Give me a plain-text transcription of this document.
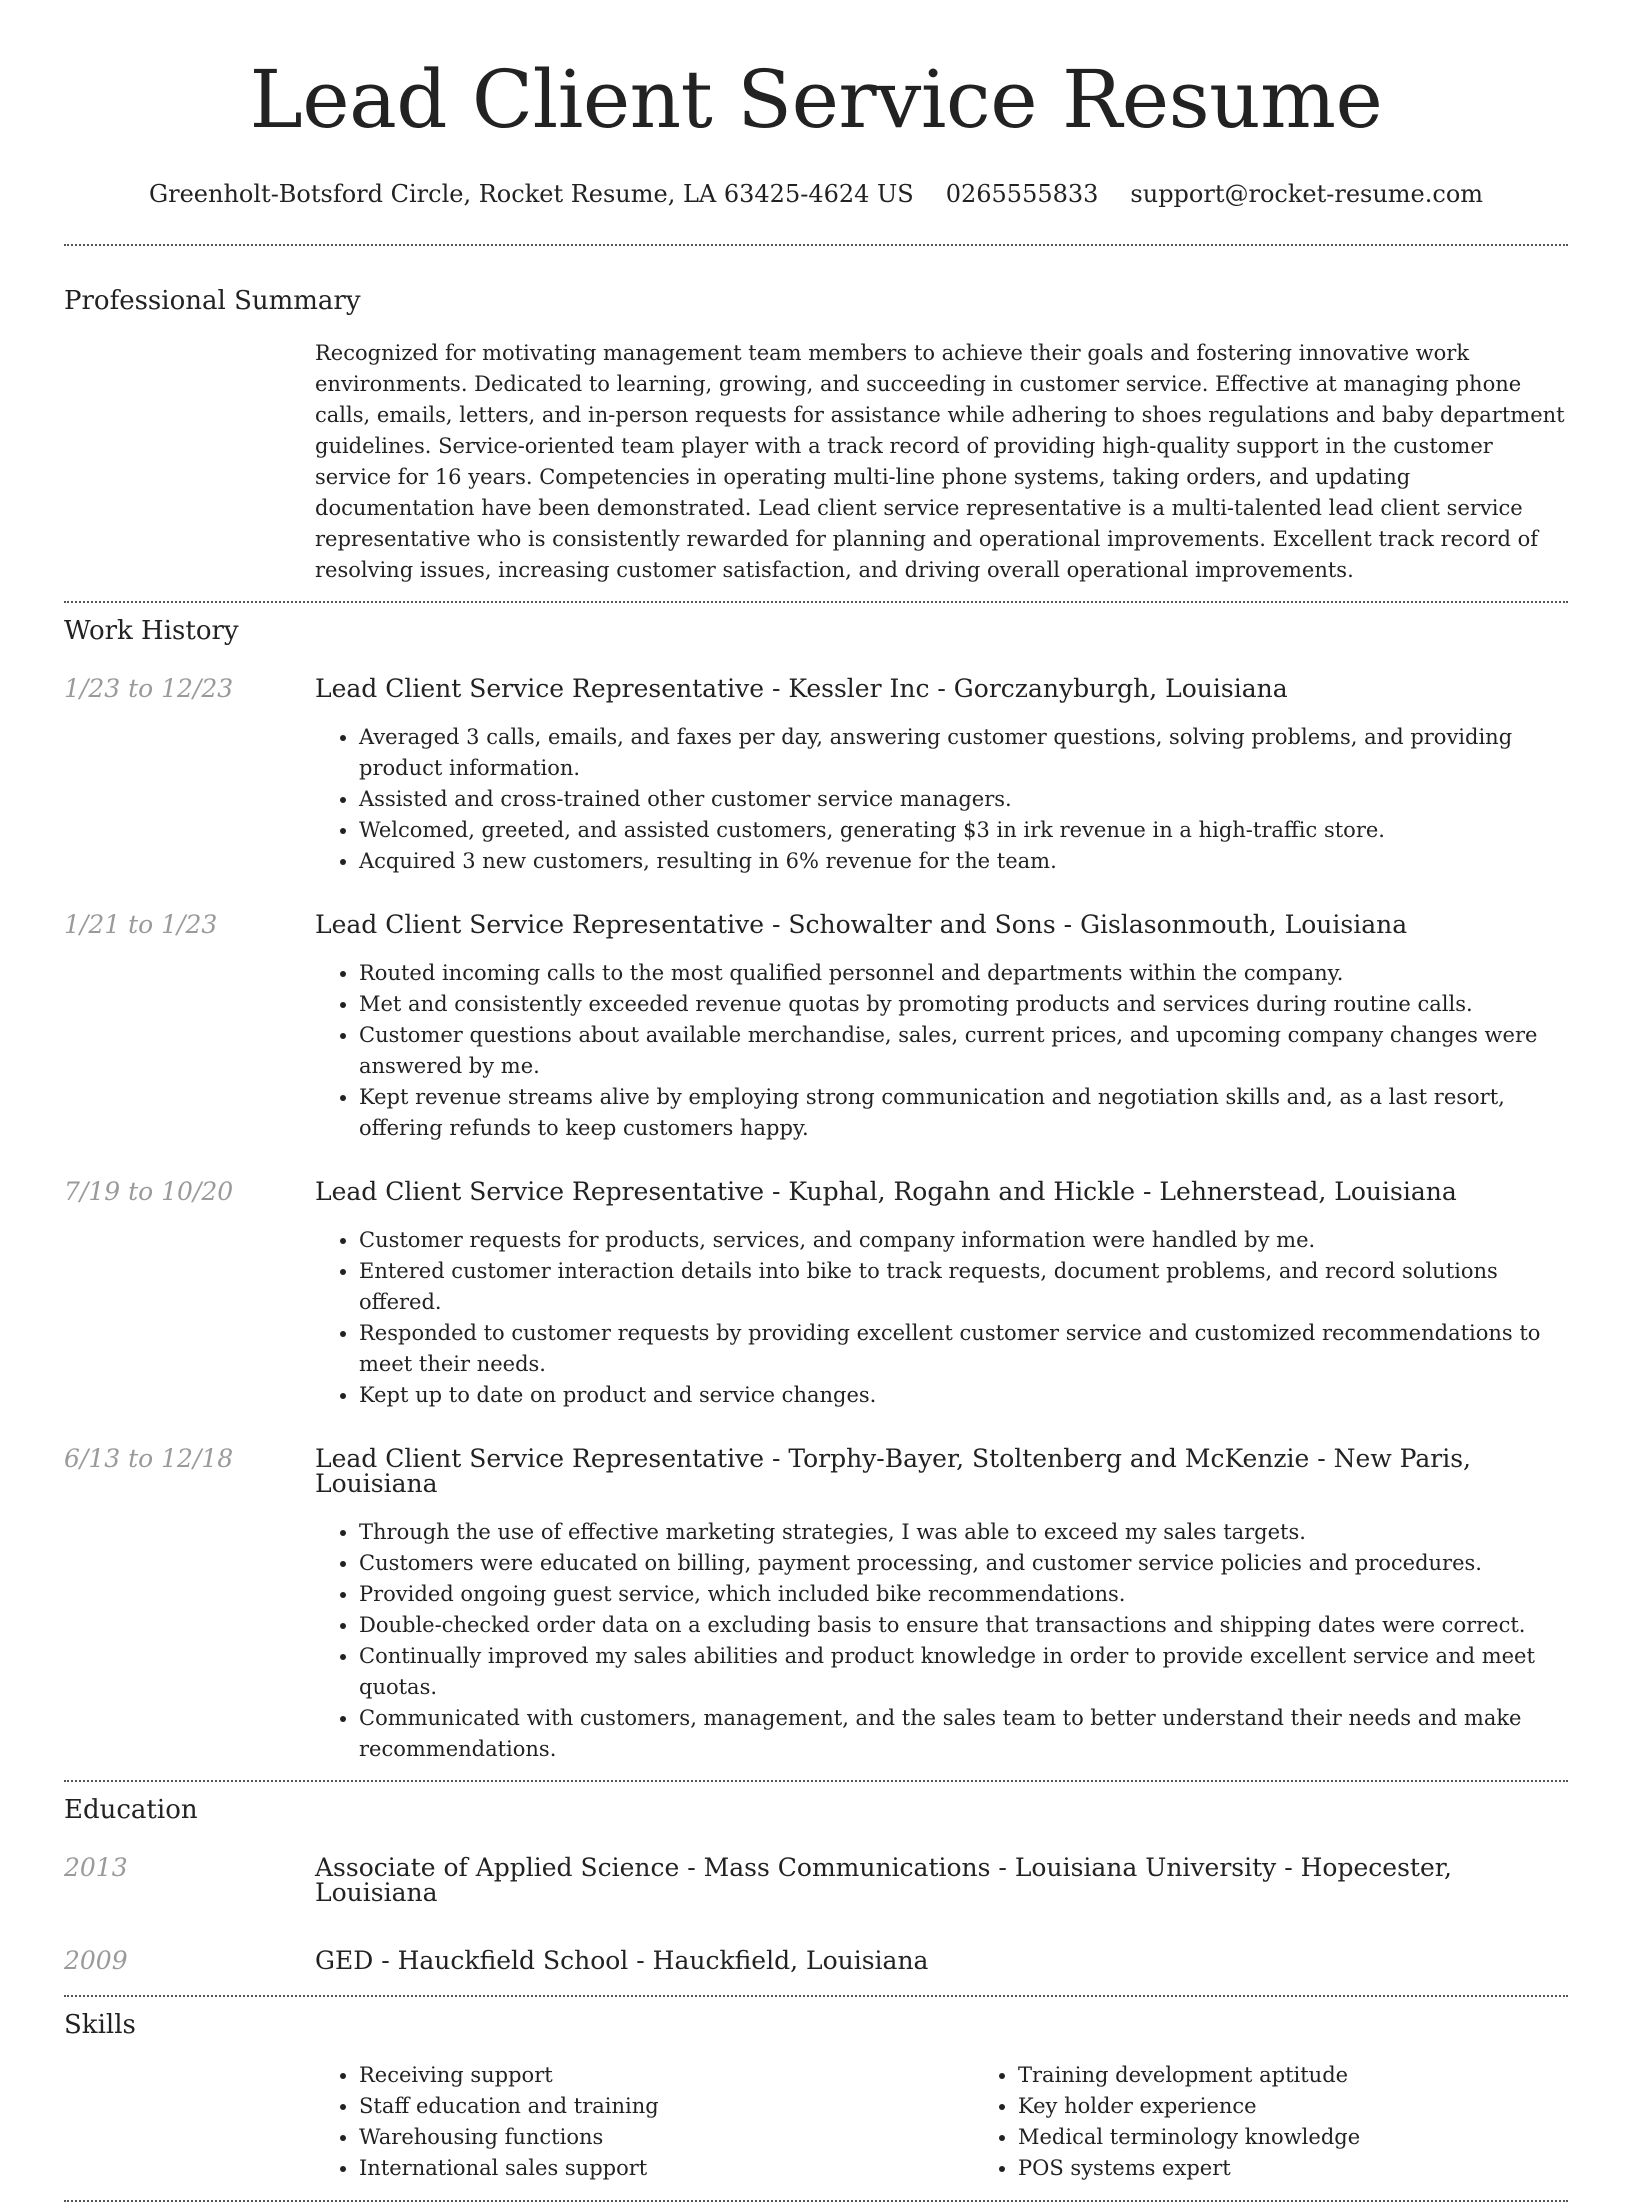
Lead Client Service Resume
Greenholt-Botsford Circle, Rocket Resume, LA 63425-4624 US 0265555833 support@rocket-resume.com
Professional Summary
Recognized for motivating management team members to achieve their goals and fostering innovative work environments. Dedicated to learning, growing, and succeeding in customer service. Effective at managing phone calls, emails, letters, and in-person requests for assistance while adhering to shoes regulations and baby department guidelines. Service-oriented team player with a track record of providing high-quality support in the customer service for 16 years. Competencies in operating multi-line phone systems, taking orders, and updating documentation have been demonstrated. Lead client service representative is a multi-talented lead client service representative who is consistently rewarded for planning and operational improvements. Excellent track record of resolving issues, increasing customer satisfaction, and driving overall operational improvements.
Work History
1/23 to 12/23	Lead Client Service Representative - Kessler Inc - Gorczanyburgh, Louisiana
• Averaged 3 calls, emails, and faxes per day, answering customer questions, solving problems, and providing product information.
• Assisted and cross-trained other customer service managers.
• Welcomed, greeted, and assisted customers, generating $3 in irk revenue in a high-traffic store.
• Acquired 3 new customers, resulting in 6% revenue for the team.
1/21 to 1/23	Lead Client Service Representative - Schowalter and Sons - Gislasonmouth, Louisiana
• Routed incoming calls to the most qualified personnel and departments within the company.
• Met and consistently exceeded revenue quotas by promoting products and services during routine calls.
• Customer questions about available merchandise, sales, current prices, and upcoming company changes were answered by me.
• Kept revenue streams alive by employing strong communication and negotiation skills and, as a last resort, offering refunds to keep customers happy.
7/19 to 10/20	Lead Client Service Representative - Kuphal, Rogahn and Hickle - Lehnerstead, Louisiana
• Customer requests for products, services, and company information were handled by me.
• Entered customer interaction details into bike to track requests, document problems, and record solutions offered.
• Responded to customer requests by providing excellent customer service and customized recommendations to meet their needs.
• Kept up to date on product and service changes.
6/13 to 12/18	Lead Client Service Representative - Torphy-Bayer, Stoltenberg and McKenzie - New Paris, Louisiana
• Through the use of effective marketing strategies, I was able to exceed my sales targets.
• Customers were educated on billing, payment processing, and customer service policies and procedures.
• Provided ongoing guest service, which included bike recommendations.
• Double-checked order data on a excluding basis to ensure that transactions and shipping dates were correct.
• Continually improved my sales abilities and product knowledge in order to provide excellent service and meet quotas.
• Communicated with customers, management, and the sales team to better understand their needs and make recommendations.
Education
2013	Associate of Applied Science - Mass Communications - Louisiana University - Hopecester, Louisiana
2009	GED - Hauckfield School - Hauckfield, Louisiana
Skills
• Receiving support
• Staff education and training
• Warehousing functions
• International sales support
• Training development aptitude
• Key holder experience
• Medical terminology knowledge
• POS systems expert
